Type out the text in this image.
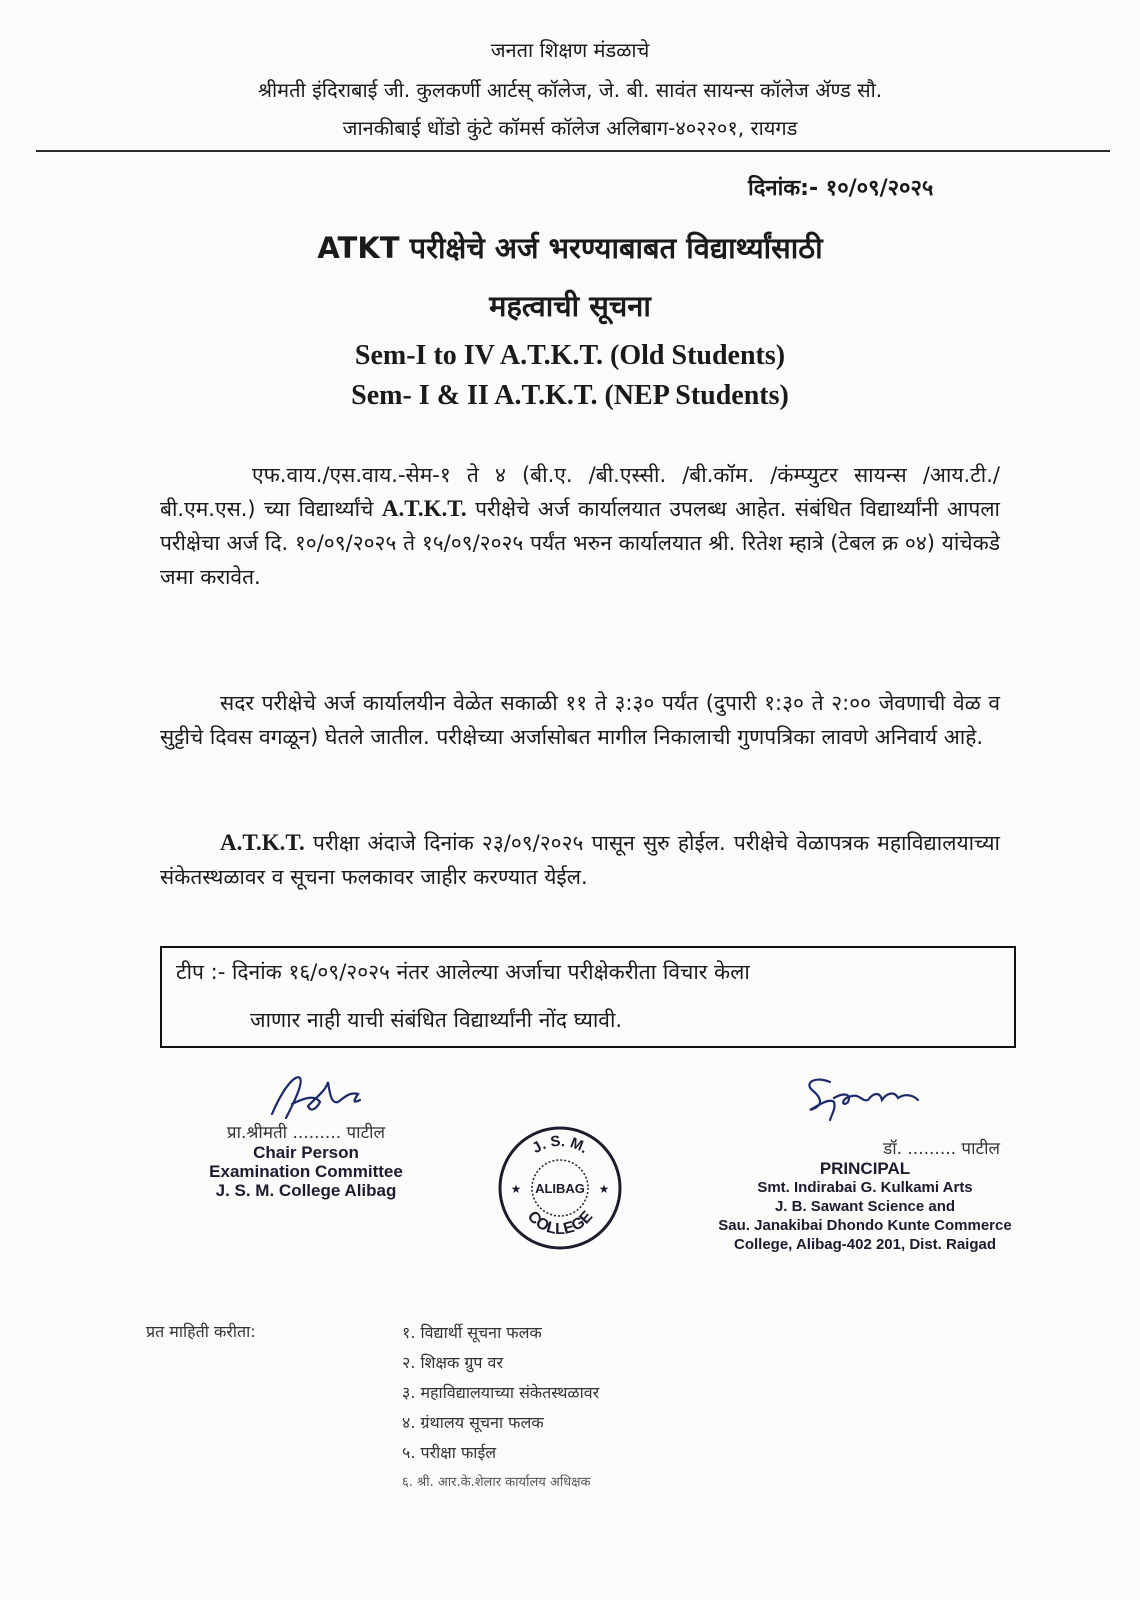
जनता शिक्षण मंडळाचे
श्रीमती इंदिराबाई जी. कुलकर्णी आर्टस् कॉलेज, जे. बी. सावंत सायन्स कॉलेज ॲण्ड सौ.
जानकीबाई धोंडो कुंटे कॉमर्स कॉलेज अलिबाग-४०२२०१, रायगड
दिनांक:- १०/०९/२०२५
ATKT परीक्षेचे अर्ज भरण्याबाबत विद्यार्थ्यांसाठी
महत्वाची सूचना
Sem-I to IV A.T.K.T. (Old Students)
Sem- I & II A.T.K.T. (NEP Students)
एफ.वाय./एस.वाय.-सेम-१ ते ४ (बी.ए. /बी.एस्सी. /बी.कॉम. /कंम्प्युटर सायन्स /आय.टी./बी.एम.एस.) च्या विद्यार्थ्यांचे A.T.K.T. परीक्षेचे अर्ज कार्यालयात उपलब्ध आहेत. संबंधित विद्यार्थ्यांनी आपला परीक्षेचा अर्ज दि. १०/०९/२०२५ ते १५/०९/२०२५ पर्यंत भरुन कार्यालयात श्री. रितेश म्हात्रे (टेबल क्र ०४) यांचेकडे जमा करावेत.
सदर परीक्षेचे अर्ज कार्यालयीन वेळेत सकाळी ११ ते ३:३० पर्यंत (दुपारी १:३० ते २:०० जेवणाची वेळ व सुट्टीचे दिवस वगळून) घेतले जातील. परीक्षेच्या अर्जासोबत मागील निकालाची गुणपत्रिका लावणे अनिवार्य आहे.
A.T.K.T. परीक्षा अंदाजे दिनांक २३/०९/२०२५ पासून सुरु होईल. परीक्षेचे वेळापत्रक महाविद्यालयाच्या संकेतस्थळावर व सूचना फलकावर जाहीर करण्यात येईल.
टीप :- दिनांक १६/०९/२०२५ नंतर आलेल्या अर्जाचा परीक्षेकरीता विचार केला
जाणार नाही याची संबंधित विद्यार्थ्यांनी नोंद घ्यावी.
प्रा.श्रीमती ......... पाटील
Chair Person
Examination Committee
J. S. M. College Alibag
J. S. M.
COLLEGE
ALIBAG
★	★
डॉ. ......... पाटील
PRINCIPAL
Smt. Indirabai G. Kulkami Arts
J. B. Sawant Science and
Sau. Janakibai Dhondo Kunte Commerce
College, Alibag-402 201, Dist. Raigad
प्रत माहिती करीता:	१. विद्यार्थी सूचना फलक
२. शिक्षक ग्रुप वर
३. महाविद्यालयाच्या संकेतस्थळावर
४. ग्रंथालय सूचना फलक
५. परीक्षा फाईल
६. श्री. आर.के.शेलार कार्यालय अधिक्षक
